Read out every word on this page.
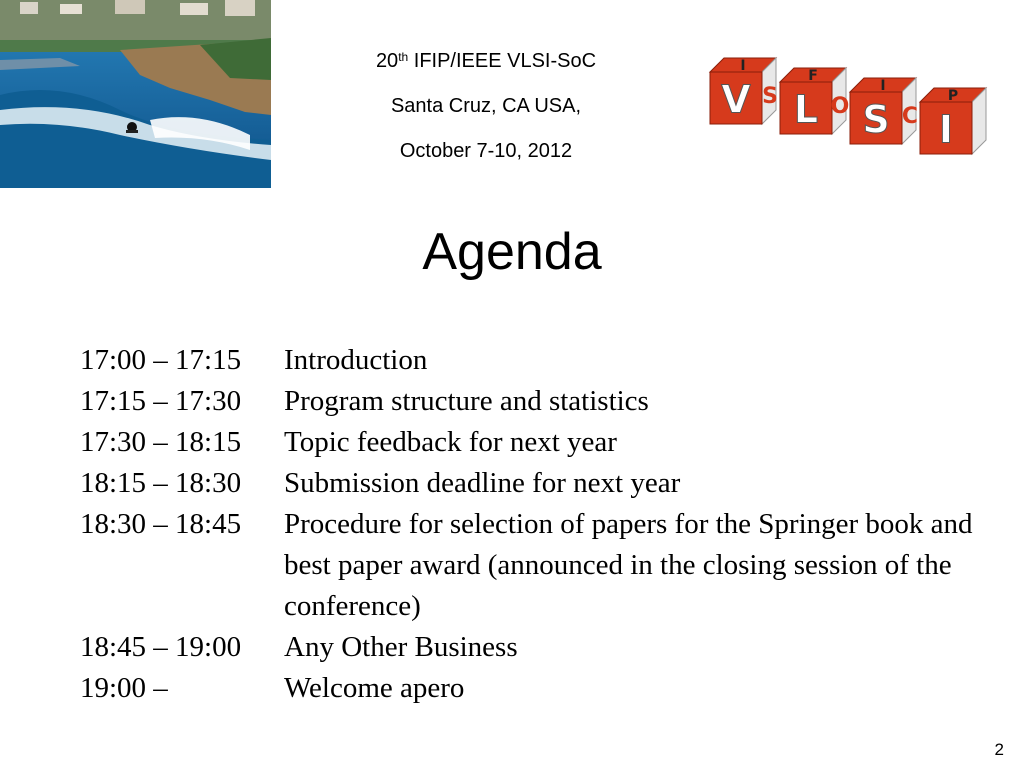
20th IFIP/IEEE VLSI-SoC
Santa Cruz, CA USA,
October 7-10, 2012
V
I
S L
F
O S
I
C I
P
Agenda
17:00 – 17:15	Introduction
17:15 – 17:30	Program structure and statistics
17:30 – 18:15	Topic feedback for next year
18:15 – 18:30	Submission deadline for next year
18:30 – 18:45	Procedure for selection of papers for the Springer book and best paper award (announced in the closing session of the conference)
18:45 – 19:00	Any Other Business
19:00 –	Welcome apero
2
